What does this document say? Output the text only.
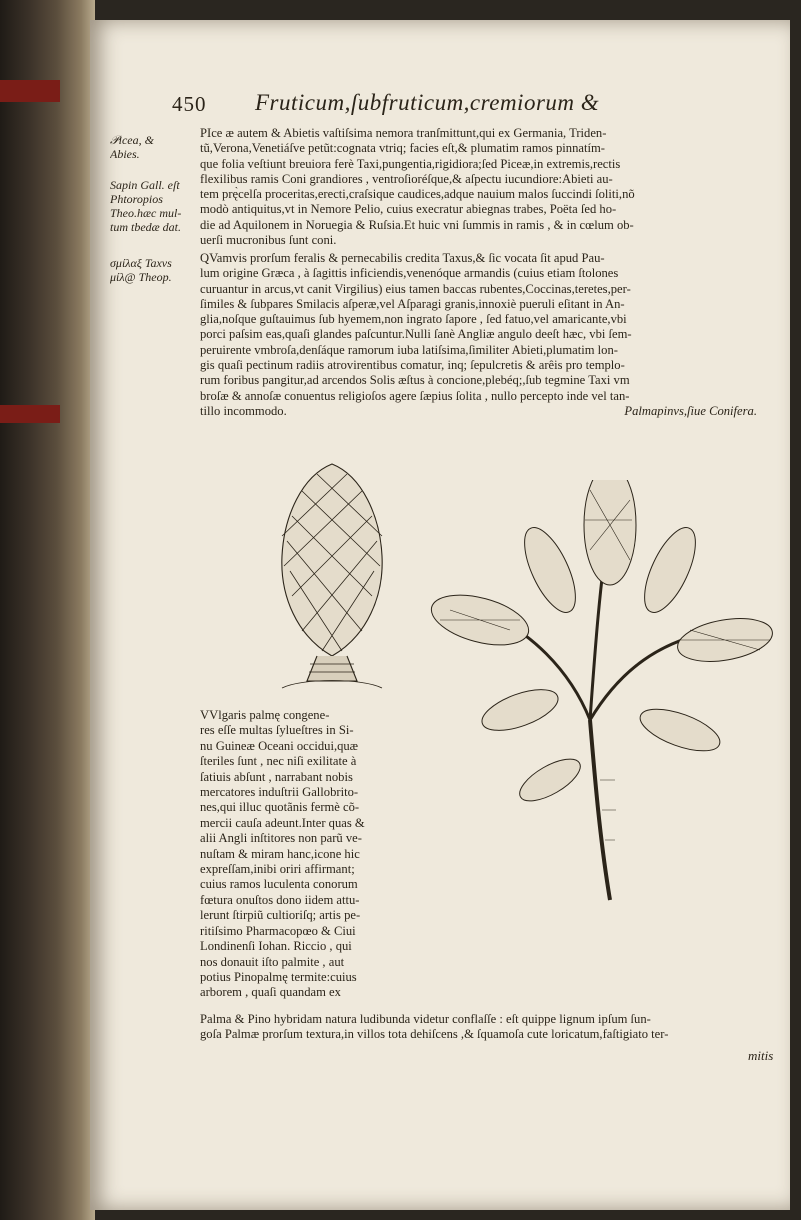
450 Fruticum,ſubfruticum,cremiorum &
𝒫icea, &
Abies.
Sapin Gall. eſt
Phtoropios
Theo.hæc mul-
tum tbedæ dat.
σμίλαξ Taxvs
μίλ@ Theop.
PIce æ autem & Abietis vaſtiſsima nemora tranſmittunt,qui ex Germania, Triden-
tũ,Verona,Venetiáſve petũt:cognata vtriq; facies eſt,& plumatim ramos pinnatím-
que folia veſtiunt breuiora ferè Taxi,pungentia,rigidiora;ſed Piceæ,in extremis,rectis
flexilibus ramis Coni grandiores , ventroſioréſque,& aſpectu iucundiore:Abieti au-
tem prę̀celſa proceritas,erecti,craſsique caudices,adque nauium malos ſuccindi ſoliti,nõ
modò antiquitus,vt in Nemore Pelio, cuius execratur abiegnas trabes, Poëta ſed ho-
die ad Aquilonem in Noruegia & Ruſsia.Et huic vni ſummis in ramis , & in cœlum ob-
uerſi mucronibus ſunt coni.
QVamvis prorſum feralis & pernecabilis credita Taxus,& ſic vocata ſit apud Pau-
lum origine Græca , à ſagittis inficiendis,venenóque armandis (cuius etiam ſtolones
curuantur in arcus,vt canit Virgilius) eius tamen baccas rubentes,Coccinas,teretes,per-
ſimiles & ſubpares Smilacis aſperæ,vel Aſparagi granis,innoxiè pueruli eſitant in An-
glia,noſque guſtauimus ſub hyemem,non ingrato ſapore , ſed fatuo,vel amaricante,vbi
porci paſsim eas,quaſi glandes paſcuntur.Nulli ſanè Angliæ angulo deeſt hæc, vbi ſem-
peruirente vmbroſa,denſáque ramorum iuba latiſsima,ſimiliter Abieti,plumatim lon-
gis quaſi pectinum radiis atrovirentibus comatur, inq; ſepulcretis & arêis pro templo-
rum foribus pangitur,ad arcendos Solis æſtus à concione,plebéq;,ſub tegmine Taxi vm
broſæ & annoſæ conuentus religioſos agere ſæpius ſolita , nullo percepto inde vel tan-
tillo incommodo.	Palmapinvs,ſiue Conifera.
VVlgaris palmę congene-
res eſſe multas ſylueſtres in Si-
nu Guineæ Oceani occidui,quæ
ſteriles ſunt , nec niſi exilitate à
ſatiuis abſunt , narrabant nobis
mercatores induſtrii Gallobrito-
nes,qui illuc quotãnis fermè cõ-
mercii cauſa adeunt.Inter quas &
alii Angli inſtitores non parũ ve-
nuſtam & miram hanc,icone hic
expreſſam,inibi oriri affirmant;
cuius ramos luculenta conorum
fœtura onuſtos dono iidem attu-
lerunt ſtirpiũ cultioriſq; artis pe-
ritiſsimo Pharmacopœo & Ciui
Londinenſi Iohan. Riccio , qui
nos donauit iſto palmite , aut
potius Pinopalmę termite:cuius
arborem , quaſi quandam ex
Palma & Pino hybridam natura ludibunda videtur conflaſſe : eſt quippe lignum ipſum ſun-
goſa Palmæ prorſum textura,in villos tota dehiſcens ,& ſquamoſa cute loricatum,faſtigiato ter-
mitis
